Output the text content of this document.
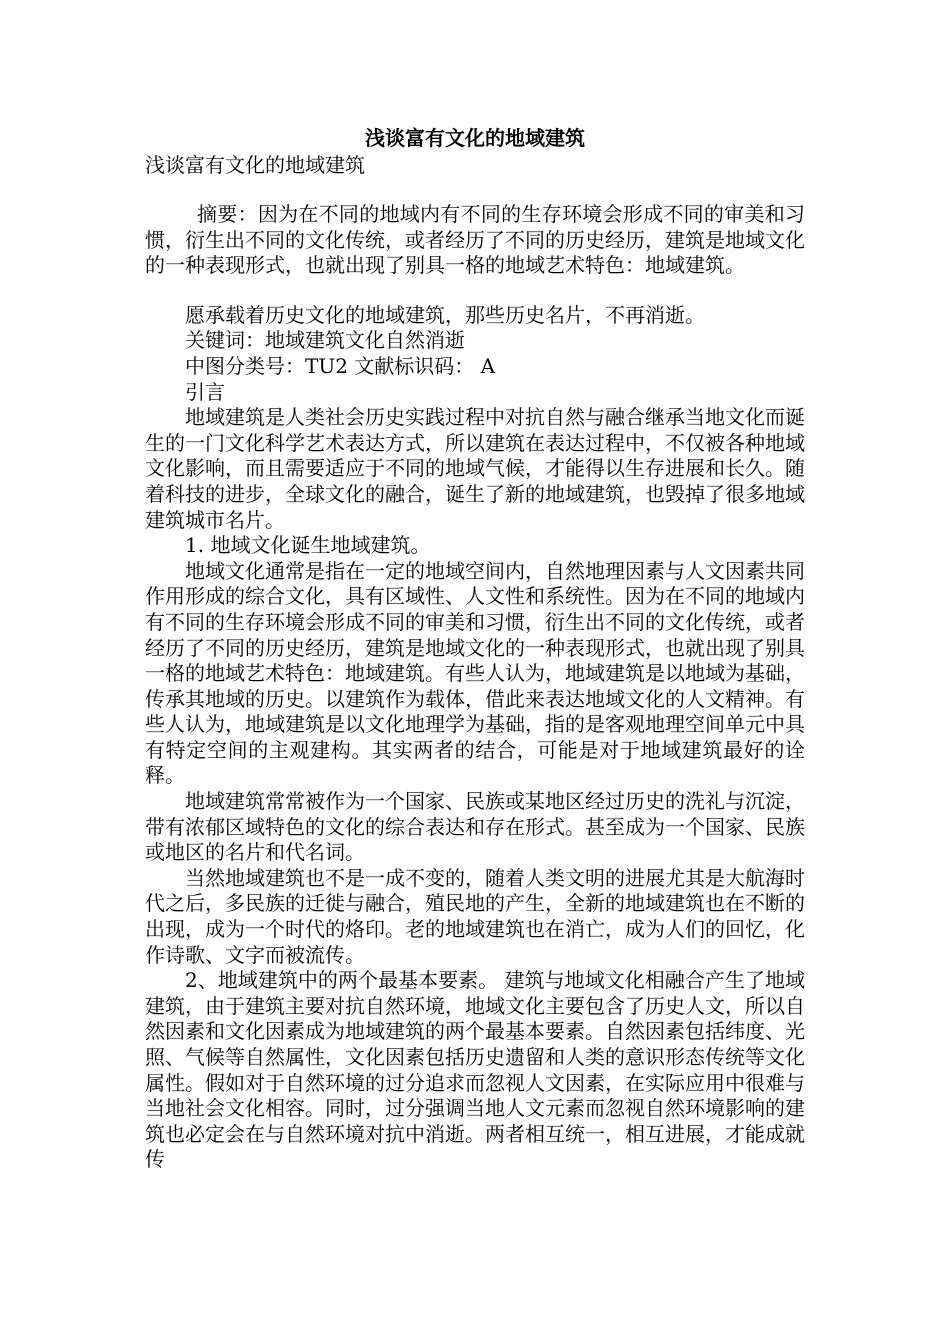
浅谈富有文化的地域建筑

浅谈富有文化的地域建筑

摘要：因为在不同的地域内有不同的生存环境会形成不同的审美和习惯，衍生出不同的文化传统，或者经历了不同的历史经历，建筑是地域文化的一种表现形式，也就出现了别具一格的地域艺术特色：地域建筑。

愿承载着历史文化的地域建筑，那些历史名片，不再消逝。

关键词：地域建筑文化自然消逝

中图分类号：TU2 文献标识码： A

引言

地域建筑是人类社会历史实践过程中对抗自然与融合继承当地文化而诞生的一门文化科学艺术表达方式，所以建筑在表达过程中，不仅被各种地域文化影响，而且需要适应于不同的地域气候，才能得以生存进展和长久。随着科技的进步，全球文化的融合，诞生了新的地域建筑，也毁掉了很多地域建筑城市名片。

1. 地域文化诞生地域建筑。

地域文化通常是指在一定的地域空间内，自然地理因素与人文因素共同作用形成的综合文化，具有区域性、人文性和系统性。因为在不同的地域内有不同的生存环境会形成不同的审美和习惯，衍生出不同的文化传统，或者经历了不同的历史经历，建筑是地域文化的一种表现形式，也就出现了别具一格的地域艺术特色：地域建筑。有些人认为，地域建筑是以地域为基础，传承其地域的历史。以建筑作为载体，借此来表达地域文化的人文精神。有些人认为，地域建筑是以文化地理学为基础，指的是客观地理空间单元中具有特定空间的主观建构。其实两者的结合，可能是对于地域建筑最好的诠释。

地域建筑常常被作为一个国家、民族或某地区经过历史的洗礼与沉淀，带有浓郁区域特色的文化的综合表达和存在形式。甚至成为一个国家、民族或地区的名片和代名词。

当然地域建筑也不是一成不变的，随着人类文明的进展尤其是大航海时代之后，多民族的迁徙与融合，殖民地的产生，全新的地域建筑也在不断的出现，成为一个时代的烙印。老的地域建筑也在消亡，成为人们的回忆，化作诗歌、文字而被流传。

2、地域建筑中的两个最基本要素。 建筑与地域文化相融合产生了地域建筑，由于建筑主要对抗自然环境，地域文化主要包含了历史人文，所以自然因素和文化因素成为地域建筑的两个最基本要素。自然因素包括纬度、光照、气候等自然属性，文化因素包括历史遗留和人类的意识形态传统等文化属性。假如对于自然环境的过分追求而忽视人文因素，在实际应用中很难与当地社会文化相容。同时，过分强调当地人文元素而忽视自然环境影响的建筑也必定会在与自然环境对抗中消逝。两者相互统一，相互进展，才能成就传
